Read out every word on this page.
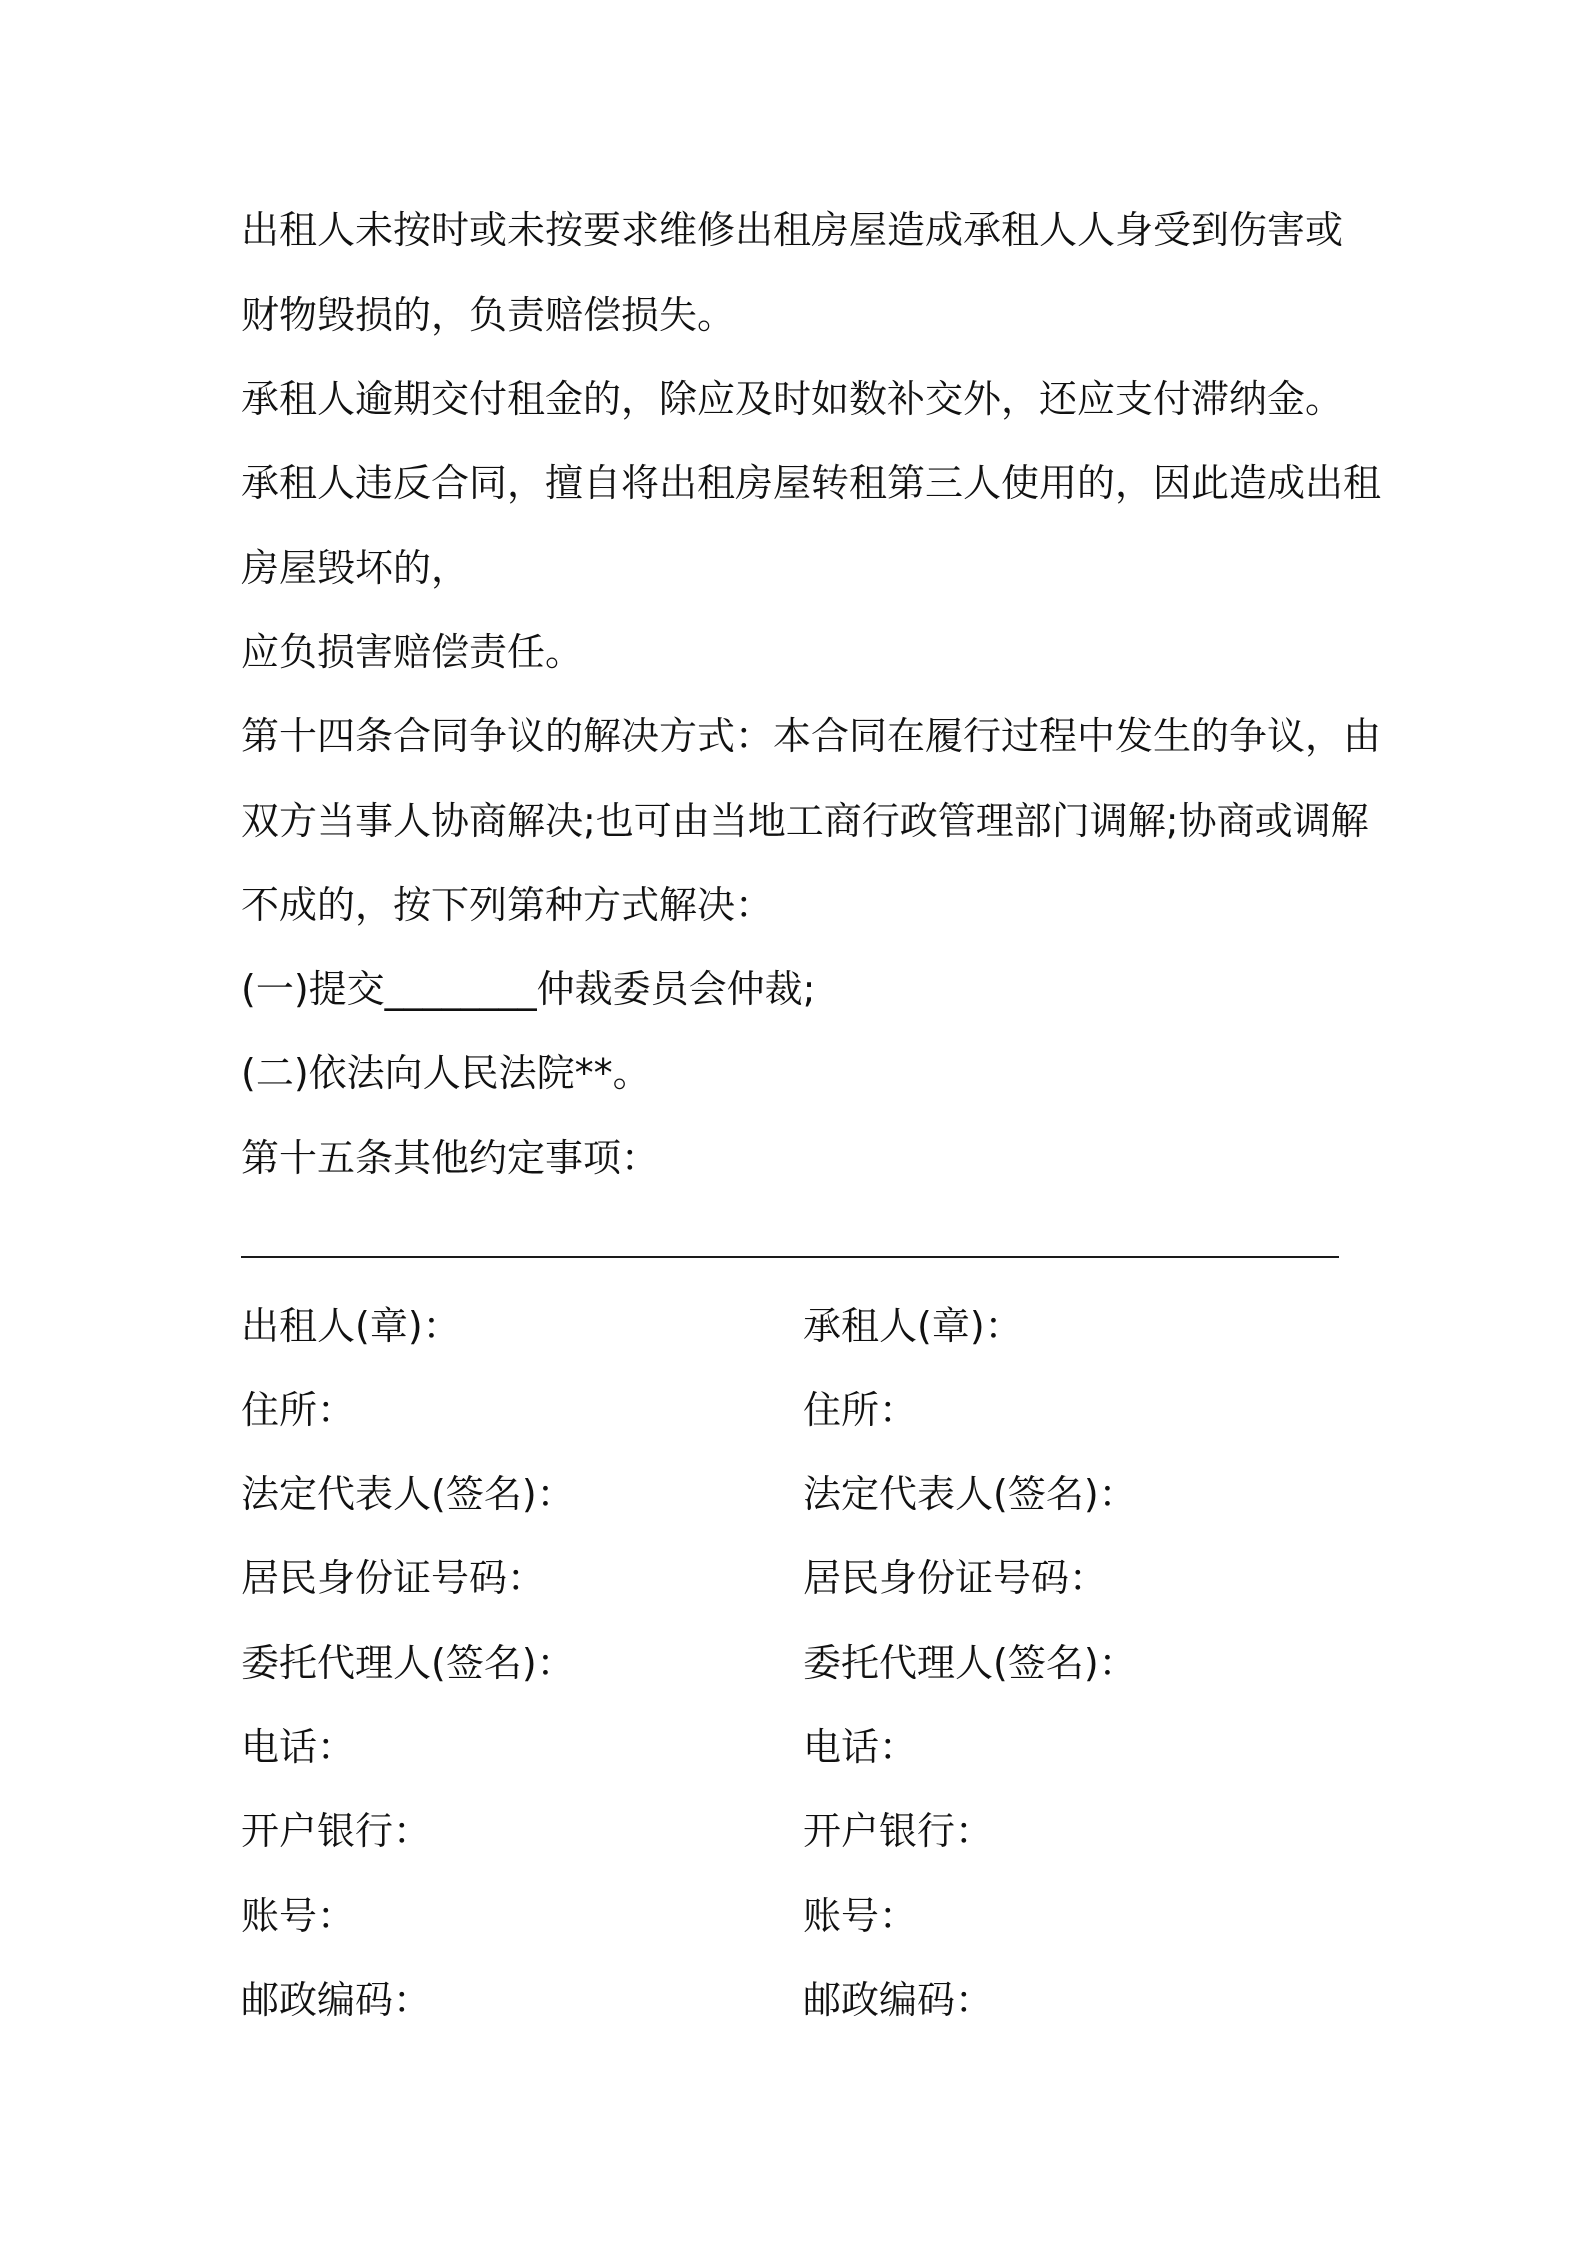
出租人未按时或未按要求维修出租房屋造成承租人人身受到伤害或
财物毁损的，负责赔偿损失。
承租人逾期交付租金的，除应及时如数补交外，还应支付滞纳金。
承租人违反合同，擅自将出租房屋转租第三人使用的，因此造成出租
房屋毁坏的，
应负损害赔偿责任。
第十四条合同争议的解决方式：本合同在履行过程中发生的争议，由
双方当事人协商解决;也可由当地工商行政管理部门调解;协商或调解
不成的，按下列第种方式解决：
(一)提交________仲裁委员会仲裁;
(二)依法向人民法院**。
第十五条其他约定事项：
出租人(章)：
住所：
法定代表人(签名)：
居民身份证号码：
委托代理人(签名)：
电话：
开户银行：
账号：
邮政编码：
承租人(章)：
住所：
法定代表人(签名)：
居民身份证号码：
委托代理人(签名)：
电话：
开户银行：
账号：
邮政编码：
